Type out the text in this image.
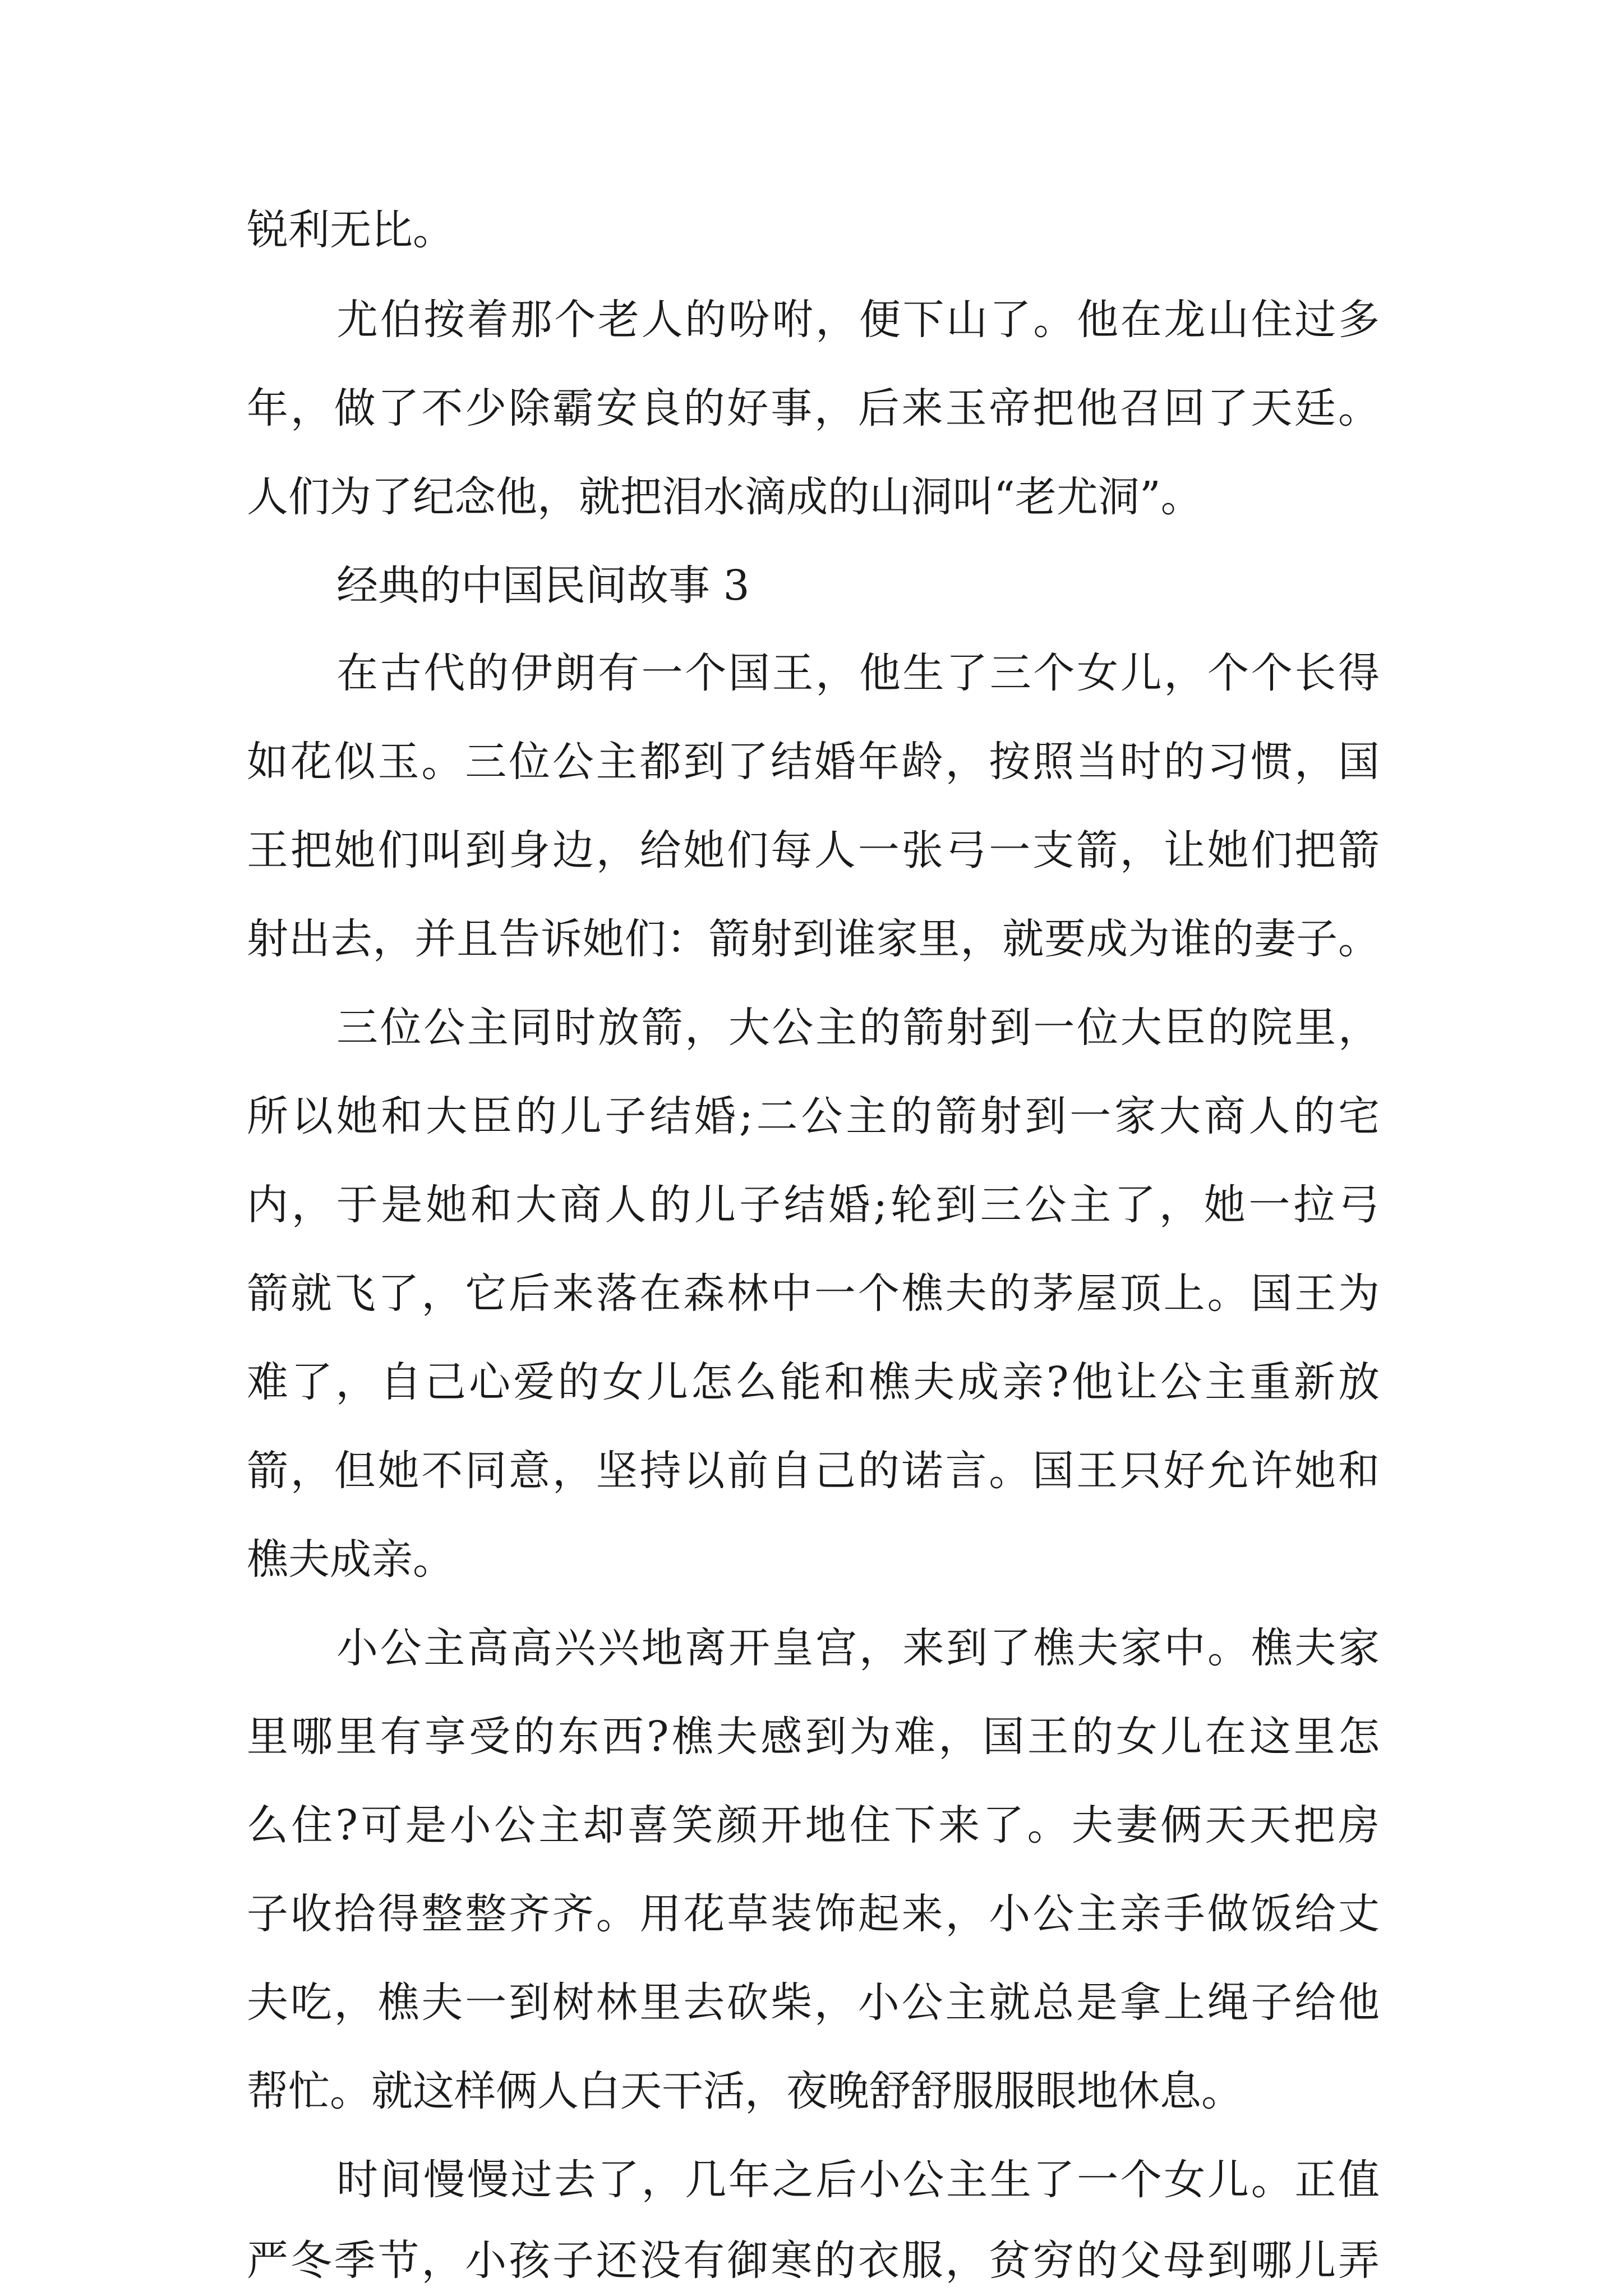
锐利无比。

尤伯按着那个老人的吩咐，便下山了。他在龙山住过多

年，做了不少除霸安良的好事，后来玉帝把他召回了天廷。

人们为了纪念他，就把泪水滴成的山洞叫“老尤洞”。

经典的中国民间故事 3

在古代的伊朗有一个国王，他生了三个女儿，个个长得

如花似玉。三位公主都到了结婚年龄，按照当时的习惯，国

王把她们叫到身边，给她们每人一张弓一支箭，让她们把箭

射出去，并且告诉她们：箭射到谁家里，就要成为谁的妻子。

三位公主同时放箭，大公主的箭射到一位大臣的院里，

所以她和大臣的儿子结婚;二公主的箭射到一家大商人的宅

内，于是她和大商人的儿子结婚;轮到三公主了，她一拉弓

箭就飞了，它后来落在森林中一个樵夫的茅屋顶上。国王为

难了，自己心爱的女儿怎么能和樵夫成亲?他让公主重新放

箭，但她不同意，坚持以前自己的诺言。国王只好允许她和

樵夫成亲。

小公主高高兴兴地离开皇宫，来到了樵夫家中。樵夫家

里哪里有享受的东西?樵夫感到为难，国王的女儿在这里怎

么住?可是小公主却喜笑颜开地住下来了。夫妻俩天天把房

子收拾得整整齐齐。用花草装饰起来，小公主亲手做饭给丈

夫吃，樵夫一到树林里去砍柴，小公主就总是拿上绳子给他

帮忙。就这样俩人白天干活，夜晚舒舒服服眼地休息。

时间慢慢过去了，几年之后小公主生了一个女儿。正值

严冬季节，小孩子还没有御寒的衣服，贫穷的父母到哪儿弄
